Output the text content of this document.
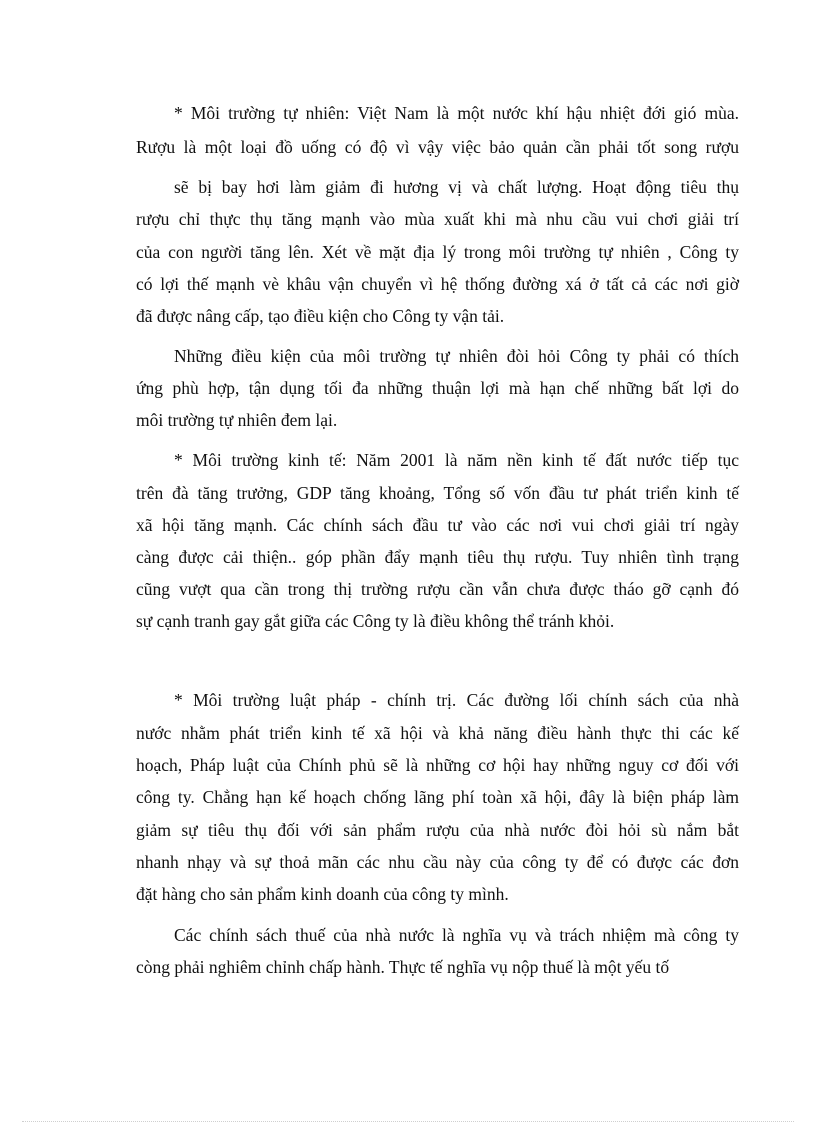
* Môi trường tự nhiên: Việt Nam là một nước khí hậu nhiệt đới gió mùa.
Rượu là một loại đồ uống có độ vì vậy việc bảo quản cần phải tốt song rượu
sẽ bị bay hơi làm giảm đi hương vị và chất lượng. Hoạt động tiêu thụ
rượu chỉ thực thụ tăng mạnh vào mùa xuất khi mà nhu cầu vui chơi giải trí
của con người tăng lên. Xét về mặt địa lý trong môi trường tự nhiên , Công ty
có lợi thế mạnh vè khâu vận chuyển vì hệ thống đường xá ở tất cả các nơi giờ
đã được nâng cấp, tạo điều kiện cho Công ty vận tải.
Những điều kiện của môi trường tự nhiên đòi hỏi Công ty phải có thích
ứng phù hợp, tận dụng tối đa những thuận lợi mà hạn chế những bất lợi do
môi trường tự nhiên đem lại.
* Môi trường kinh tế: Năm 2001 là năm nền kinh tế đất nước tiếp tục
trên đà tăng trưởng, GDP tăng khoảng, Tổng số vốn đầu tư phát triển kinh tế
xã hội tăng mạnh. Các chính sách đầu tư vào các nơi vui chơi giải trí ngày
càng được cải thiện.. góp phần đẩy mạnh tiêu thụ rượu. Tuy nhiên tình trạng
cũng vượt qua cần trong thị trường rượu cần vẫn chưa được tháo gỡ cạnh đó
sự cạnh tranh gay gắt giữa các Công ty là điều không thể tránh khỏi.
* Môi trường luật pháp - chính trị. Các đường lối chính sách của nhà
nước nhằm phát triển kinh tế xã hội và khả năng điều hành thực thi các kế
hoạch, Pháp luật của Chính phủ sẽ là những cơ hội hay những nguy cơ đối với
công ty. Chẳng hạn kế hoạch chống lãng phí toàn xã hội, đây là biện pháp làm
giảm sự tiêu thụ đối với sản phẩm rượu của nhà nước đòi hỏi sù nắm bắt
nhanh nhạy và sự thoả mãn các nhu cầu này của công ty để có được các đơn
đặt hàng cho sản phẩm kinh doanh của công ty mình.
Các chính sách thuế của nhà nước là nghĩa vụ và trách nhiệm mà công ty
còng phải nghiêm chỉnh chấp hành. Thực tế nghĩa vụ nộp thuế là một yếu tố
